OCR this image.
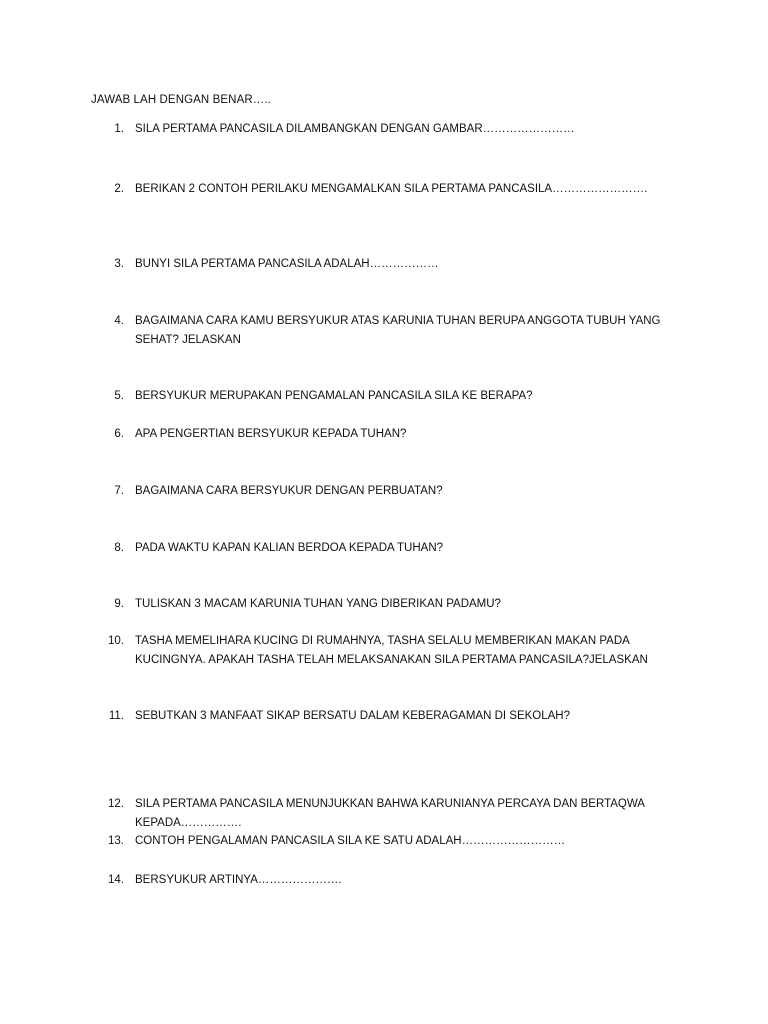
JAWAB LAH DENGAN BENAR…..
1. SILA PERTAMA PANCASILA DILAMBANGKAN DENGAN GAMBAR……………………
2. BERIKAN 2 CONTOH PERILAKU MENGAMALKAN SILA PERTAMA PANCASILA…………………….
3. BUNYI SILA PERTAMA PANCASILA ADALAH………………
4. BAGAIMANA CARA KAMU BERSYUKUR ATAS KARUNIA TUHAN BERUPA ANGGOTA TUBUH YANG
SEHAT? JELASKAN
5. BERSYUKUR MERUPAKAN PENGAMALAN PANCASILA SILA KE BERAPA?
6. APA PENGERTIAN BERSYUKUR KEPADA TUHAN?
7. BAGAIMANA CARA BERSYUKUR DENGAN PERBUATAN?
8. PADA WAKTU KAPAN KALIAN BERDOA KEPADA TUHAN?
9. TULISKAN 3 MACAM KARUNIA TUHAN YANG DIBERIKAN PADAMU?
10. TASHA MEMELIHARA KUCING DI RUMAHNYA, TASHA SELALU MEMBERIKAN MAKAN PADA
KUCINGNYA. APAKAH TASHA TELAH MELAKSANAKAN SILA PERTAMA PANCASILA?JELASKAN
11. SEBUTKAN 3 MANFAAT SIKAP BERSATU DALAM KEBERAGAMAN DI SEKOLAH?
12. SILA PERTAMA PANCASILA MENUNJUKKAN BAHWA KARUNIANYA PERCAYA DAN BERTAQWA
KEPADA…………….
13. CONTOH PENGALAMAN PANCASILA SILA KE SATU ADALAH………………………
14. BERSYUKUR ARTINYA………………….
